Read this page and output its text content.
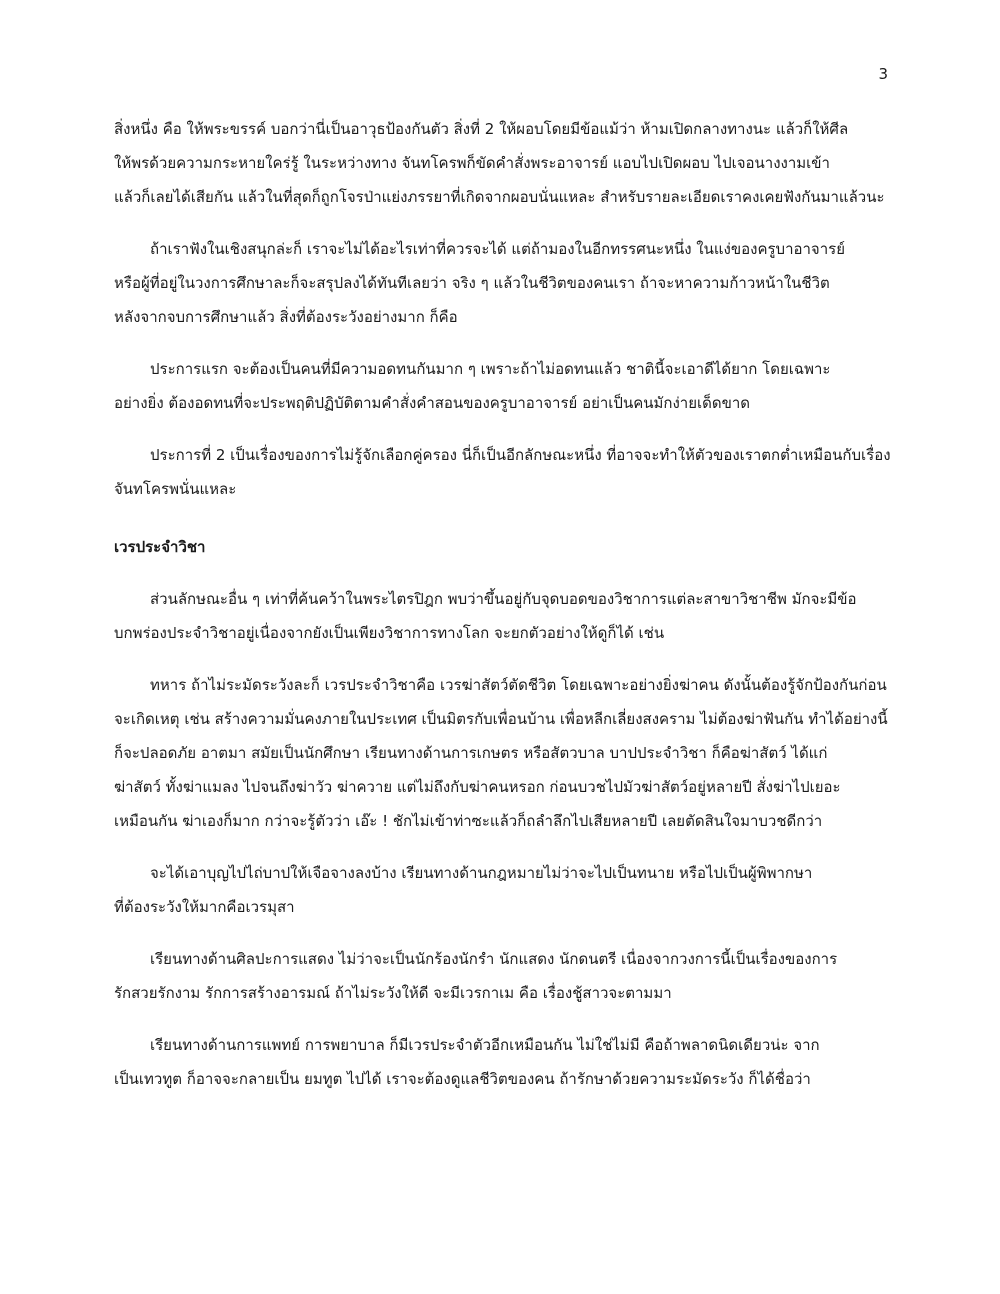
3
สิ่งหนึ่ง คือ ให้พระขรรค์ บอกว่านี่เป็นอาวุธป้องกันตัว สิ่งที่ 2 ให้ผอบโดยมีข้อแม้ว่า ห้ามเปิดกลางทางนะ แล้วก็ให้ศีล
ให้พรด้วยความกระหายใคร่รู้ ในระหว่างทาง จันทโครพก็ขัดคำสั่งพระอาจารย์ แอบไปเปิดผอบ ไปเจอนางงามเข้า
แล้วก็เลยได้เสียกัน แล้วในที่สุดก็ถูกโจรป่าแย่งภรรยาที่เกิดจากผอบนั่นแหละ สำหรับรายละเอียดเราคงเคยฟังกันมาแล้วนะ
ถ้าเราฟังในเชิงสนุกล่ะก็ เราจะไม่ได้อะไรเท่าที่ควรจะได้ แต่ถ้ามองในอีกทรรศนะหนึ่ง ในแง่ของครูบาอาจารย์
หรือผู้ที่อยู่ในวงการศึกษาละก็จะสรุปลงได้ทันทีเลยว่า จริง ๆ แล้วในชีวิตของคนเรา ถ้าจะหาความก้าวหน้าในชีวิต
หลังจากจบการศึกษาแล้ว สิ่งที่ต้องระวังอย่างมาก ก็คือ
ประการแรก จะต้องเป็นคนที่มีความอดทนกันมาก ๆ เพราะถ้าไม่อดทนแล้ว ชาตินี้จะเอาดีได้ยาก โดยเฉพาะ
อย่างยิ่ง ต้องอดทนที่จะประพฤติปฏิบัติตามคำสั่งคำสอนของครูบาอาจารย์ อย่าเป็นคนมักง่ายเด็ดขาด
ประการที่ 2 เป็นเรื่องของการไม่รู้จักเลือกคู่ครอง นี่ก็เป็นอีกลักษณะหนึ่ง ที่อาจจะทำให้ตัวของเราตกต่ำเหมือนกับเรื่อง
จันทโครพนั่นแหละ
เวรประจำวิชา
ส่วนลักษณะอื่น ๆ เท่าที่ค้นคว้าในพระไตรปิฎก พบว่าขึ้นอยู่กับจุดบอดของวิชาการแต่ละสาขาวิชาชีพ มักจะมีข้อ
บกพร่องประจำวิชาอยู่เนื่องจากยังเป็นเพียงวิชาการทางโลก จะยกตัวอย่างให้ดูก็ได้ เช่น
ทหาร ถ้าไม่ระมัดระวังละก็ เวรประจำวิชาคือ เวรฆ่าสัตว์ตัดชีวิต โดยเฉพาะอย่างยิ่งฆ่าคน ดังนั้นต้องรู้จักป้องกันก่อน
จะเกิดเหตุ เช่น สร้างความมั่นคงภายในประเทศ เป็นมิตรกับเพื่อนบ้าน เพื่อหลีกเลี่ยงสงคราม ไม่ต้องฆ่าฟันกัน ทำได้อย่างนี้
ก็จะปลอดภัย อาตมา สมัยเป็นนักศึกษา เรียนทางด้านการเกษตร หรือสัตวบาล บาปประจำวิชา ก็คือฆ่าสัตว์ ได้แก่
ฆ่าสัตว์ ทั้งฆ่าแมลง ไปจนถึงฆ่าวัว ฆ่าควาย แต่ไม่ถึงกับฆ่าคนหรอก ก่อนบวชไปมัวฆ่าสัตว์อยู่หลายปี สั่งฆ่าไปเยอะ
เหมือนกัน ฆ่าเองก็มาก กว่าจะรู้ตัวว่า เอ๊ะ ! ชักไม่เข้าท่าซะแล้วก็ถลำลึกไปเสียหลายปี เลยตัดสินใจมาบวชดีกว่า
จะได้เอาบุญไปไถ่บาปให้เจือจางลงบ้าง เรียนทางด้านกฎหมายไม่ว่าจะไปเป็นทนาย หรือไปเป็นผู้พิพากษา
ที่ต้องระวังให้มากคือเวรมุสา
เรียนทางด้านศิลปะการแสดง ไม่ว่าจะเป็นนักร้องนักรำ นักแสดง นักดนตรี เนื่องจากวงการนี้เป็นเรื่องของการ
รักสวยรักงาม รักการสร้างอารมณ์ ถ้าไม่ระวังให้ดี จะมีเวรกาเม คือ เรื่องชู้สาวจะตามมา
เรียนทางด้านการแพทย์ การพยาบาล ก็มีเวรประจำตัวอีกเหมือนกัน ไม่ใช่ไม่มี คือถ้าพลาดนิดเดียวน่ะ จาก
เป็นเทวทูต ก็อาจจะกลายเป็น ยมทูต ไปได้ เราจะต้องดูแลชีวิตของคน ถ้ารักษาด้วยความระมัดระวัง ก็ได้ชื่อว่า
